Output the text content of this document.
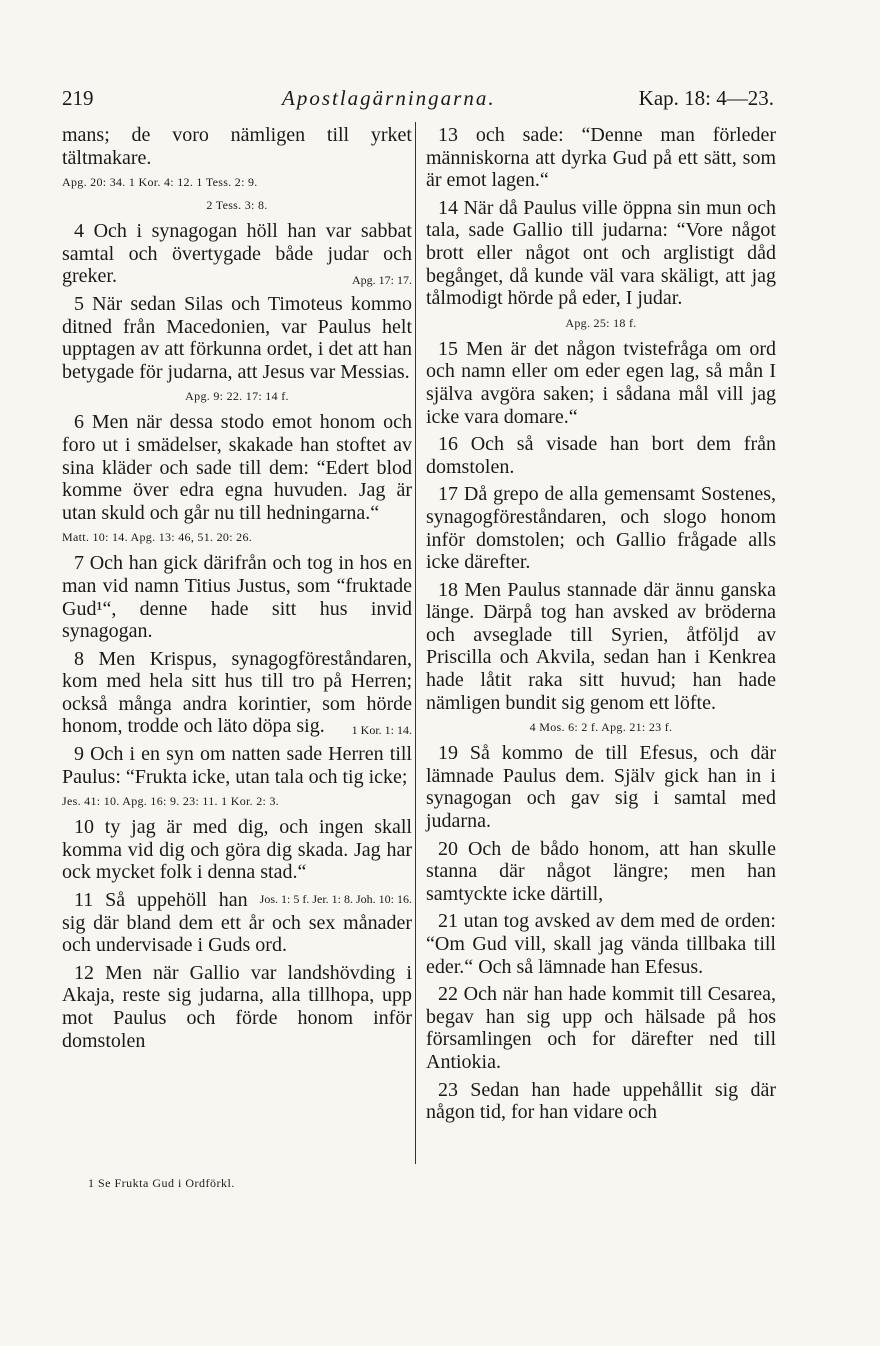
219	Apostlagärningarna.	Kap. 18: 4—23.
mans; de voro nämligen till yrket tältmakare.
Apg. 20: 34. 1 Kor. 4: 12. 1 Tess. 2: 9.
2 Tess. 3: 8.
4 Och i synagogan höll han var sabbat samtal och övertygade både judar och greker.	Apg. 17: 17.
5 När sedan Silas och Timoteus kommo ditned från Macedonien, var Paulus helt upptagen av att förkunna ordet, i det att han betygade för judarna, att Jesus var Messias.
Apg. 9: 22. 17: 14 f.
6 Men när dessa stodo emot honom och foro ut i smädelser, skakade han stoftet av sina kläder och sade till dem: “Edert blod komme över edra egna huvuden. Jag är utan skuld och går nu till hedningarna.“
Matt. 10: 14. Apg. 13: 46, 51. 20: 26.
7 Och han gick därifrån och tog in hos en man vid namn Titius Justus, som “fruktade Gud¹“, denne hade sitt hus invid synagogan.
8 Men Krispus, synagogföreståndaren, kom med hela sitt hus till tro på Herren; också många andra korintier, som hörde honom, trodde och läto döpa sig.	1 Kor. 1: 14.
9 Och i en syn om natten sade Herren till Paulus: “Frukta icke, utan tala och tig icke;
Jes. 41: 10. Apg. 16: 9. 23: 11. 1 Kor. 2: 3.
10 ty jag är med dig, och ingen skall komma vid dig och göra dig skada. Jag har ock mycket folk i denna stad.“
Jos. 1: 5 f. Jer. 1: 8. Joh. 10: 16.
11 Så uppehöll han sig där bland dem ett år och sex månader och undervisade i Guds ord.
12 Men när Gallio var landshövding i Akaja, reste sig judarna, alla tillhopa, upp mot Paulus och förde honom inför domstolen
13 och sade: “Denne man förleder människorna att dyrka Gud på ett sätt, som är emot lagen.“
14 När då Paulus ville öppna sin mun och tala, sade Gallio till judarna: “Vore något brott eller något ont och arglistigt dåd begånget, då kunde väl vara skäligt, att jag tålmodigt hörde på eder, I judar.
Apg. 25: 18 f.
15 Men är det någon tvistefråga om ord och namn eller om eder egen lag, så mån I själva avgöra saken; i sådana mål vill jag icke vara domare.“
16 Och så visade han bort dem från domstolen.
17 Då grepo de alla gemensamt Sostenes, synagogföreståndaren, och slogo honom inför domstolen; och Gallio frågade alls icke därefter.
18 Men Paulus stannade där ännu ganska länge. Därpå tog han avsked av bröderna och avseglade till Syrien, åtföljd av Priscilla och Akvila, sedan han i Kenkrea hade låtit raka sitt huvud; han hade nämligen bundit sig genom ett löfte.
4 Mos. 6: 2 f. Apg. 21: 23 f.
19 Så kommo de till Efesus, och där lämnade Paulus dem. Själv gick han in i synagogan och gav sig i samtal med judarna.
20 Och de bådo honom, att han skulle stanna där något längre; men han samtyckte icke därtill,
21 utan tog avsked av dem med de orden: “Om Gud vill, skall jag vända tillbaka till eder.“ Och så lämnade han Efesus.
22 Och när han hade kommit till Cesarea, begav han sig upp och hälsade på hos församlingen och for därefter ned till Antiokia.
23 Sedan han hade uppehållit sig där någon tid, for han vidare och
1 Se Frukta Gud i Ordförkl.
